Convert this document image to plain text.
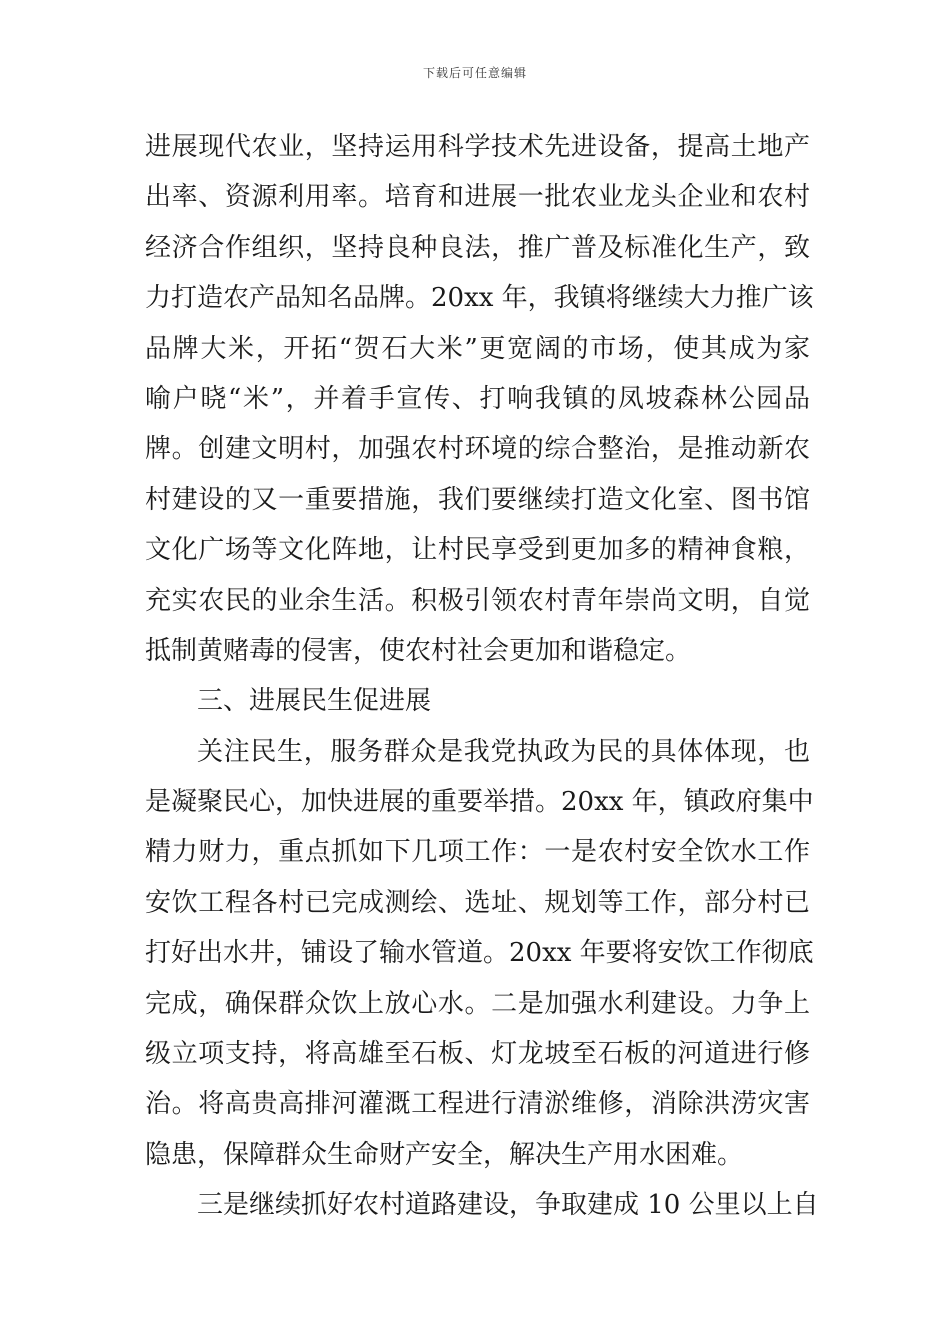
下载后可任意编辑
进展现代农业，坚持运用科学技术先进设备，提高土地产
出率、资源利用率。培育和进展一批农业龙头企业和农村
经济合作组织，坚持良种良法，推广普及标准化生产，致
力打造农产品知名品牌。20xx 年，我镇将继续大力推广该
品牌大米，开拓“贺石大米”更宽阔的市场，使其成为家
喻户晓“米”，并着手宣传、打响我镇的凤坡森林公园品
牌。创建文明村，加强农村环境的综合整治，是推动新农
村建设的又一重要措施，我们要继续打造文化室、图书馆
文化广场等文化阵地，让村民享受到更加多的精神食粮，
充实农民的业余生活。积极引领农村青年崇尚文明，自觉
抵制黄赌毒的侵害，使农村社会更加和谐稳定。
三、进展民生促进展
关注民生，服务群众是我党执政为民的具体体现，也
是凝聚民心，加快进展的重要举措。20xx 年，镇政府集中
精力财力，重点抓如下几项工作：一是农村安全饮水工作
安饮工程各村已完成测绘、选址、规划等工作，部分村已
打好出水井，铺设了输水管道。20xx 年要将安饮工作彻底
完成，确保群众饮上放心水。二是加强水利建设。力争上
级立项支持，将高雄至石板、灯龙坡至石板的河道进行修
治。将高贵高排河灌溉工程进行清淤维修，消除洪涝灾害
隐患，保障群众生命财产安全，解决生产用水困难。
三是继续抓好农村道路建设，争取建成 10 公里以上自
